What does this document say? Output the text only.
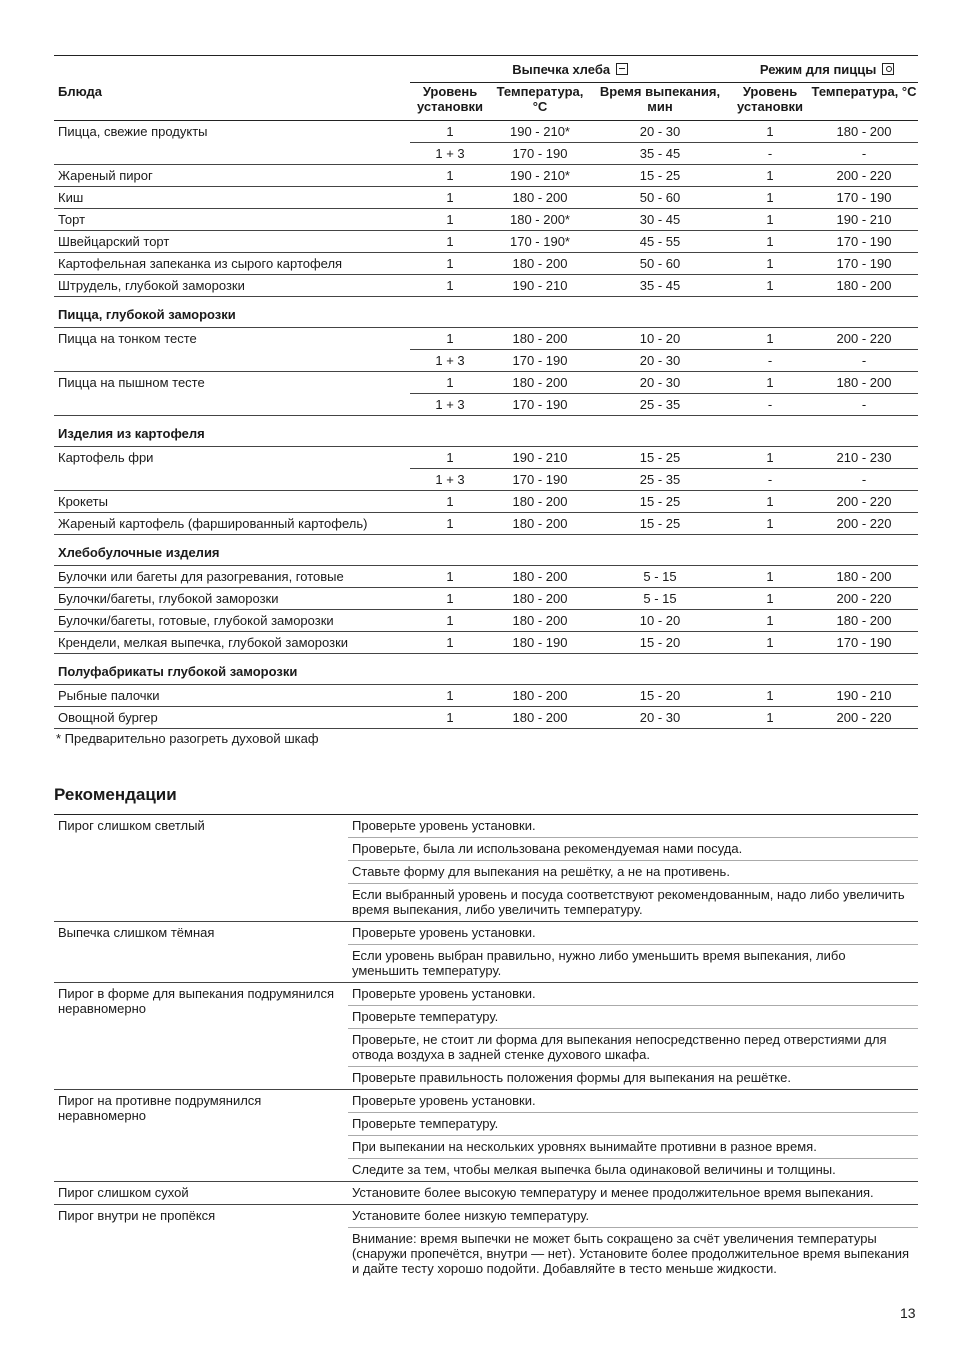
	Выпечка хлеба			Режим для пиццы	
Блюда	Уровень установки	Температура, °C	Время выпекания, мин	Уровень установки	Температура, °C
Пицца, свежие продукты	1	190 - 210*	20 - 30	1	180 - 200
	1 + 3	170 - 190	35 - 45	-	-
Жареный пирог	1	190 - 210*	15 - 25	1	200 - 220
Киш	1	180 - 200	50 - 60	1	170 - 190
Торт	1	180 - 200*	30 - 45	1	190 - 210
Швейцарский торт	1	170 - 190*	45 - 55	1	170 - 190
Картофельная запеканка из сырого картофеля	1	180 - 200	50 - 60	1	170 - 190
Штрудель, глубокой заморозки	1	190 - 210	35 - 45	1	180 - 200
Пицца, глубокой заморозки					
Пицца на тонком тесте	1	180 - 200	10 - 20	1	200 - 220
	1 + 3	170 - 190	20 - 30	-	-
Пицца на пышном тесте	1	180 - 200	20 - 30	1	180 - 200
	1 + 3	170 - 190	25 - 35	-	-
Изделия из картофеля					
Картофель фри	1	190 - 210	15 - 25	1	210 - 230
	1 + 3	170 - 190	25 - 35	-	-
Крокеты	1	180 - 200	15 - 25	1	200 - 220
Жареный картофель (фаршированный картофель)	1	180 - 200	15 - 25	1	200 - 220
Хлебобулочные изделия					
Булочки или багеты для разогревания, готовые	1	180 - 200	5 - 15	1	180 - 200
Булочки/багеты, глубокой заморозки	1	180 - 200	5 - 15	1	200 - 220
Булочки/багеты, готовые, глубокой заморозки	1	180 - 200	10 - 20	1	180 - 200
Крендели, мелкая выпечка, глубокой заморозки	1	180 - 190	15 - 20	1	170 - 190
Полуфабрикаты глубокой заморозки					
Рыбные палочки	1	180 - 200	15 - 20	1	190 - 210
Овощной бургер	1	180 - 200	20 - 30	1	200 - 220
* Предварительно разогреть духовой шкаф
Рекомендации
Пирог слишком светлый	Проверьте уровень установки.
Проверьте, была ли использована рекомендуемая нами посуда.
Ставьте форму для выпекания на решётку, а не на противень.
Если выбранный уровень и посуда соответствуют рекомендованным, надо либо увеличить время выпекания, либо увеличить температуру.

Выпечка слишком тёмная	Проверьте уровень установки.
Если уровень выбран правильно, нужно либо уменьшить время выпекания, либо уменьшить температуру.

Пирог в форме для выпекания подрумянился неравномерно	Проверьте уровень установки.
Проверьте температуру.
Проверьте, не стоит ли форма для выпекания непосредственно перед отверстиями для отвода воздуха в задней стенке духового шкафа.
Проверьте правильность положения формы для выпекания на решётке.

Пирог на противне подрумянился неравномерно	Проверьте уровень установки.
Проверьте температуру.
При выпекании на нескольких уровнях вынимайте противни в разное время.
Следите за тем, чтобы мелкая выпечка была одинаковой величины и толщины.

Пирог слишком сухой	Установите более высокую температуру и менее продолжительное время выпекания.

Пирог внутри не пропёкся	Установите более низкую температуру.
Внимание: время выпечки не может быть сокращено за счёт увеличения температуры (снаружи пропечётся, внутри — нет). Установите более продолжительное время выпекания и дайте тесту хорошо подойти. Добавляйте в тесто меньше жидкости.
13
